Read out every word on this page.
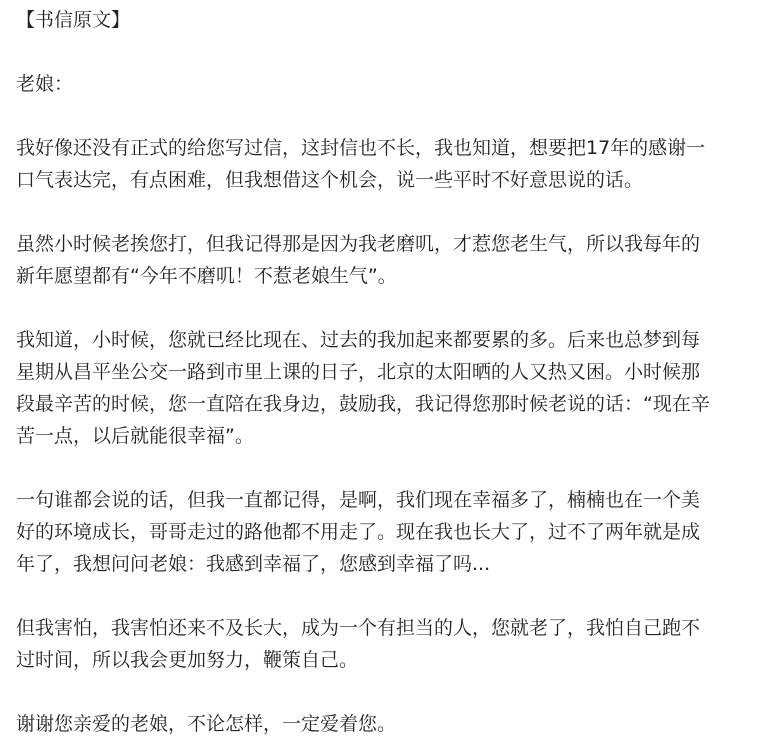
【书信原文】

老娘：

我好像还没有正式的给您写过信，这封信也不长，我也知道，想要把17年的感谢一口气表达完，有点困难，但我想借这个机会，说一些平时不好意思说的话。

虽然小时候老挨您打，但我记得那是因为我老磨叽，才惹您老生气，所以我每年的新年愿望都有“今年不磨叽！不惹老娘生气”。

我知道，小时候，您就已经比现在、过去的我加起来都要累的多。后来也总梦到每星期从昌平坐公交一路到市里上课的日子，北京的太阳晒的人又热又困。小时候那段最辛苦的时候，您一直陪在我身边，鼓励我，我记得您那时候老说的话：“现在辛苦一点，以后就能很幸福”。

一句谁都会说的话，但我一直都记得，是啊，我们现在幸福多了，楠楠也在一个美好的环境成长，哥哥走过的路他都不用走了。现在我也长大了，过不了两年就是成年了，我想问问老娘：我感到幸福了，您感到幸福了吗...

但我害怕，我害怕还来不及长大，成为一个有担当的人，您就老了，我怕自己跑不过时间，所以我会更加努力，鞭策自己。

谢谢您亲爱的老娘，不论怎样，一定爱着您。
